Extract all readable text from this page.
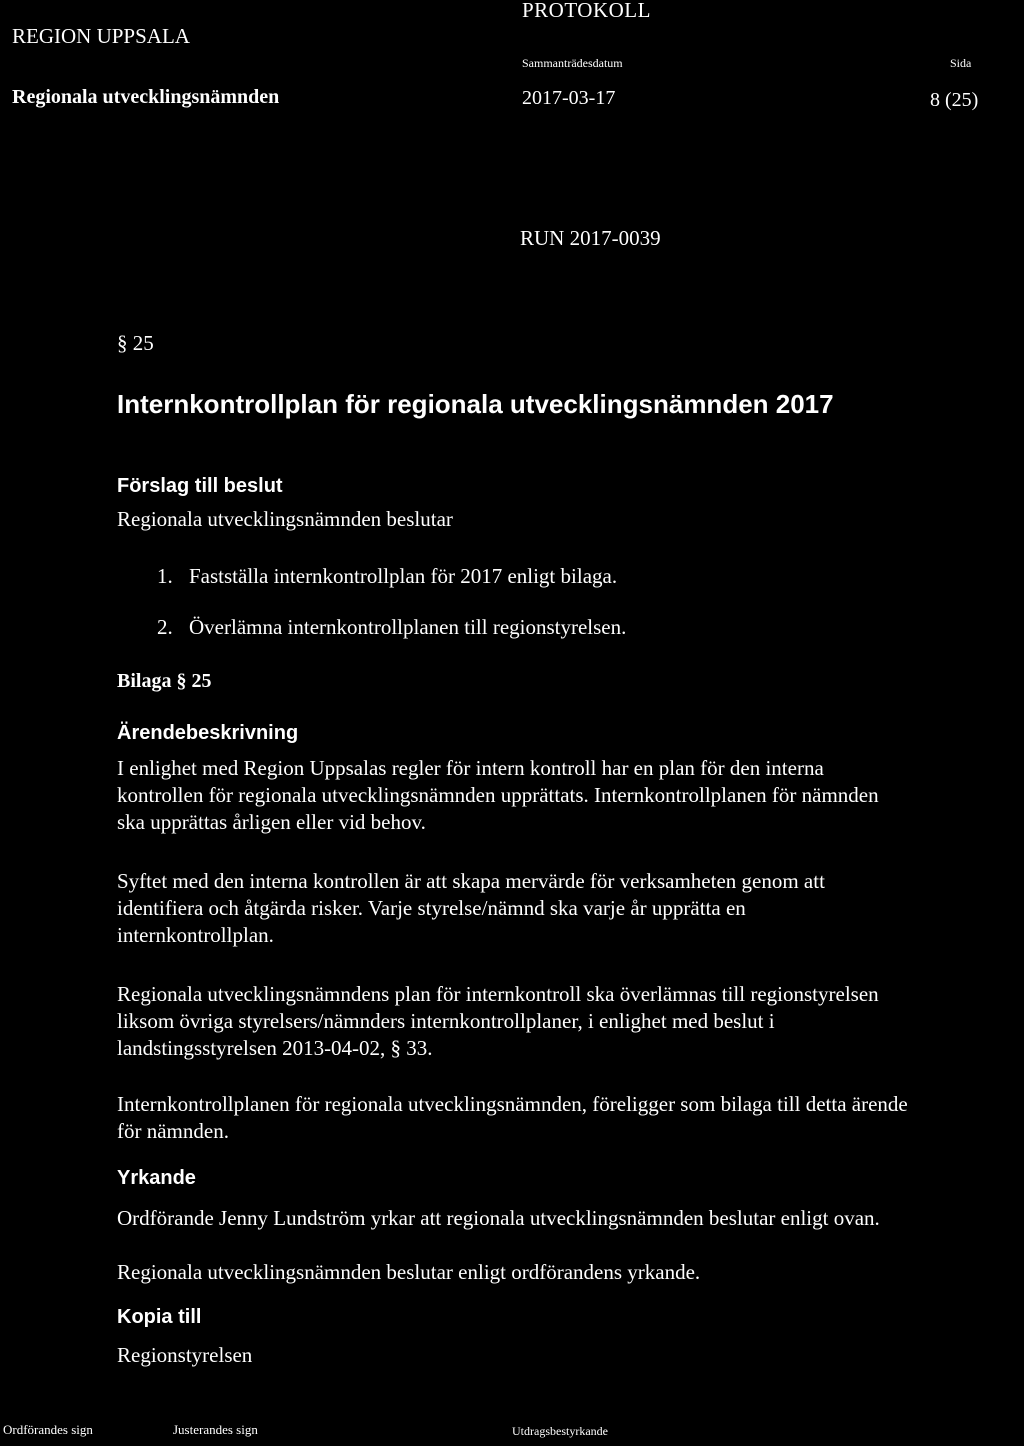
REGION UPPSALA
PROTOKOLL
Regionala utvecklingsnämnden
Sammanträdesdatum
2017-03-17
Sida
8 (25)
RUN 2017-0039
§ 25
Internkontrollplan för regionala utvecklingsnämnden 2017
Förslag till beslut
Regionala utvecklingsnämnden beslutar
1. Fastställa internkontrollplan för 2017 enligt bilaga.
2. Överlämna internkontrollplanen till regionstyrelsen.
Bilaga § 25
Ärendebeskrivning
I enlighet med Region Uppsalas regler för intern kontroll har en plan för den interna
kontrollen för regionala utvecklingsnämnden upprättats. Internkontrollplanen för nämnden
ska upprättas årligen eller vid behov.
Syftet med den interna kontrollen är att skapa mervärde för verksamheten genom att
identifiera och åtgärda risker. Varje styrelse/nämnd ska varje år upprätta en
internkontrollplan.
Regionala utvecklingsnämndens plan för internkontroll ska överlämnas till regionstyrelsen
liksom övriga styrelsers/nämnders internkontrollplaner, i enlighet med beslut i
landstingsstyrelsen 2013-04-02, § 33.
Internkontrollplanen för regionala utvecklingsnämnden, föreligger som bilaga till detta ärende
för nämnden.
Yrkande
Ordförande Jenny Lundström yrkar att regionala utvecklingsnämnden beslutar enligt ovan.
Regionala utvecklingsnämnden beslutar enligt ordförandens yrkande.
Kopia till
Regionstyrelsen
Ordförandes sign	Justerandes sign	Utdragsbestyrkande
